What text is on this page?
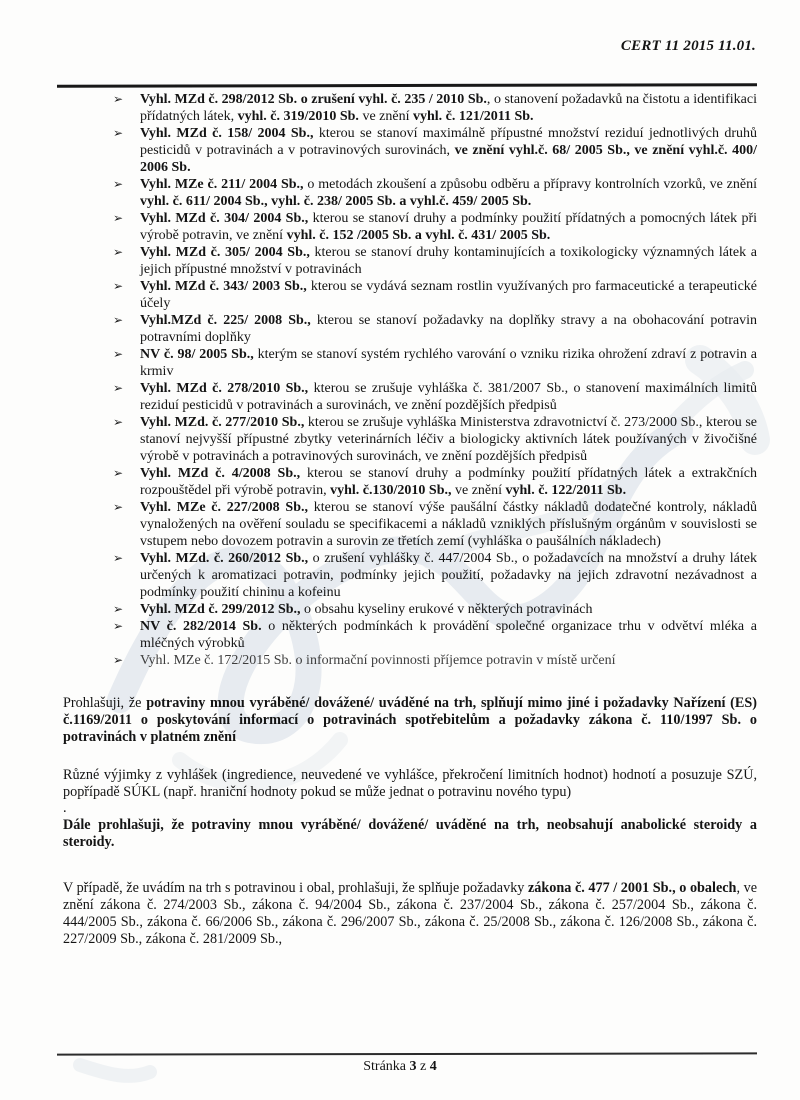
CERT 11 2015 11.01.
➢ Vyhl. MZd č. 298/2012 Sb. o zrušení vyhl. č. 235 / 2010 Sb., o stanovení požadavků na čistotu a identifikaci přídatných látek, vyhl. č. 319/2010 Sb. ve znění vyhl. č. 121/2011 Sb.
➢ Vyhl. MZd č. 158/ 2004 Sb., kterou se stanoví maximálně přípustné množství reziduí jednotlivých druhů pesticidů v potravinách a v potravinových surovinách, ve znění vyhl.č. 68/ 2005 Sb., ve znění vyhl.č. 400/ 2006 Sb.
➢ Vyhl. MZe č. 211/ 2004 Sb., o metodách zkoušení a způsobu odběru a přípravy kontrolních vzorků, ve znění vyhl. č. 611/ 2004 Sb., vyhl. č. 238/ 2005 Sb. a vyhl.č. 459/ 2005 Sb.
➢ Vyhl. MZd č. 304/ 2004 Sb., kterou se stanoví druhy a podmínky použití přídatných a pomocných látek při výrobě potravin, ve znění vyhl. č. 152 /2005 Sb. a vyhl. č. 431/ 2005 Sb.
➢ Vyhl. MZd č. 305/ 2004 Sb., kterou se stanoví druhy kontaminujících a toxikologicky významných látek a jejich přípustné množství v potravinách
➢ Vyhl. MZd č. 343/ 2003 Sb., kterou se vydává seznam rostlin využívaných pro farmaceutické a terapeutické účely
➢ Vyhl.MZd č. 225/ 2008 Sb., kterou se stanoví požadavky na doplňky stravy a na obohacování potravin potravními doplňky
➢ NV č. 98/ 2005 Sb., kterým se stanoví systém rychlého varování o vzniku rizika ohrožení zdraví z potravin a krmiv
➢ Vyhl. MZd č. 278/2010 Sb., kterou se zrušuje vyhláška č. 381/2007 Sb., o stanovení maximálních limitů reziduí pesticidů v potravinách a surovinách, ve znění pozdějších předpisů
➢ Vyhl. MZd. č. 277/2010 Sb., kterou se zrušuje vyhláška Ministerstva zdravotnictví č. 273/2000 Sb., kterou se stanoví nejvyšší přípustné zbytky veterinárních léčiv a biologicky aktivních látek používaných v živočišné výrobě v potravinách a potravinových surovinách, ve znění pozdějších předpisů
➢ Vyhl. MZd č. 4/2008 Sb., kterou se stanoví druhy a podmínky použití přídatných látek a extrakčních rozpouštědel při výrobě potravin, vyhl. č.130/2010 Sb., ve znění vyhl. č. 122/2011 Sb.
➢ Vyhl. MZe č. 227/2008 Sb., kterou se stanoví výše paušální částky nákladů dodatečné kontroly, nákladů vynaložených na ověření souladu se specifikacemi a nákladů vzniklých příslušným orgánům v souvislosti se vstupem nebo dovozem potravin a surovin ze třetích zemí (vyhláška o paušálních nákladech)
➢ Vyhl. MZd. č. 260/2012 Sb., o zrušení vyhlášky č. 447/2004 Sb., o požadavcích na množství a druhy látek určených k aromatizaci potravin, podmínky jejich použití, požadavky na jejich zdravotní nezávadnost a podmínky použití chininu a kofeinu
➢ Vyhl. MZd č. 299/2012 Sb., o obsahu kyseliny erukové v některých potravinách
➢ NV č. 282/2014 Sb. o některých podmínkách k provádění společné organizace trhu v odvětví mléka a mléčných výrobků
➢ Vyhl. MZe č. 172/2015 Sb. o informační povinnosti příjemce potravin v místě určení
Prohlašuji, že potraviny mnou vyráběné/ dovážené/ uváděné na trh, splňují mimo jiné i požadavky Nařízení (ES) č.1169/2011 o poskytování informací o potravinách spotřebitelům a požadavky zákona č. 110/1997 Sb. o potravinách v platném znění
Různé výjimky z vyhlášek (ingredience, neuvedené ve vyhlášce, překročení limitních hodnot) hodnotí a posuzuje SZÚ, popřípadě SÚKL (např. hraniční hodnoty pokud se může jednat o potravinu nového typu)
.
Dále prohlašuji, že potraviny mnou vyráběné/ dovážené/ uváděné na trh, neobsahují anabolické steroidy a steroidy.
V případě, že uvádím na trh s potravinou i obal, prohlašuji, že splňuje požadavky zákona č. 477 / 2001 Sb., o obalech, ve znění zákona č. 274/2003 Sb., zákona č. 94/2004 Sb., zákona č. 237/2004 Sb., zákona č. 257/2004 Sb., zákona č. 444/2005 Sb., zákona č. 66/2006 Sb., zákona č. 296/2007 Sb., zákona č. 25/2008 Sb., zákona č. 126/2008 Sb., zákona č. 227/2009 Sb., zákona č. 281/2009 Sb.,
Stránka 3 z 4
